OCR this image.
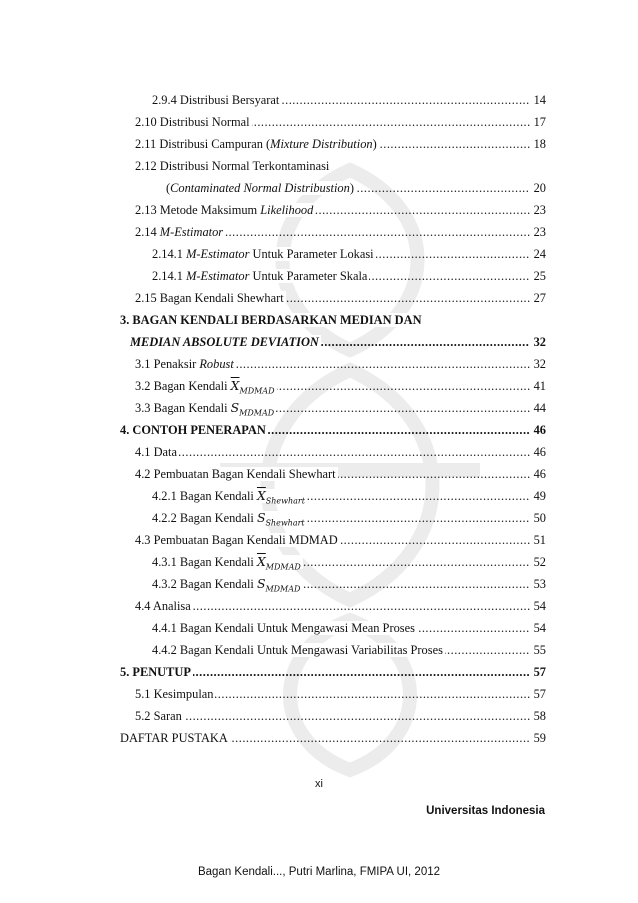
.....
2.9.4 Distribusi Bersyarat	14
.....
2.10 Distribusi Normal	17
.....
2.11 Distribusi Campuran (Mixture Distribution)	18
2.12 Distribusi Normal Terkontaminasi
.....
(Contaminated Normal Distribustion)	20
.....
2.13 Metode Maksimum Likelihood	23
.....
2.14 M-Estimator	23
.....
2.14.1 M-Estimator Untuk Parameter Lokasi	24
.....
2.14.1 M-Estimator Untuk Parameter Skala	25
.....
2.15 Bagan Kendali Shewhart	27
3. BAGAN KENDALI BERDASARKAN MEDIAN DAN
.....
MEDIAN ABSOLUTE DEVIATION	32
.....
3.1 Penaksir Robust	32
.....
3.2 Bagan Kendali $\overline{X}_{MDMAD}$	41
.....
3.3 Bagan Kendali $S_{MDMAD}$	44
.....
4. CONTOH PENERAPAN	46
.....
4.1 Data	46
.....
4.2 Pembuatan Bagan Kendali Shewhart	46
.....
4.2.1 Bagan Kendali $\overline{X}_{Shewhart}$	49
.....
4.2.2 Bagan Kendali $S_{Shewhart}$	50
.....
4.3 Pembuatan Bagan Kendali MDMAD	51
.....
4.3.1 Bagan Kendali $\overline{X}_{MDMAD}$	52
.....
4.3.2 Bagan Kendali $S_{MDMAD}$	53
.....
4.4 Analisa	54
.....
4.4.1 Bagan Kendali Untuk Mengawasi Mean Proses	54
.....
4.4.2 Bagan Kendali Untuk Mengawasi Variabilitas Proses	55
.....
5. PENUTUP	57
.....
5.1 Kesimpulan	57
.....
5.2 Saran	58
.....
DAFTAR PUSTAKA	59
xi
Universitas Indonesia
Bagan Kendali..., Putri Marlina, FMIPA UI, 2012
